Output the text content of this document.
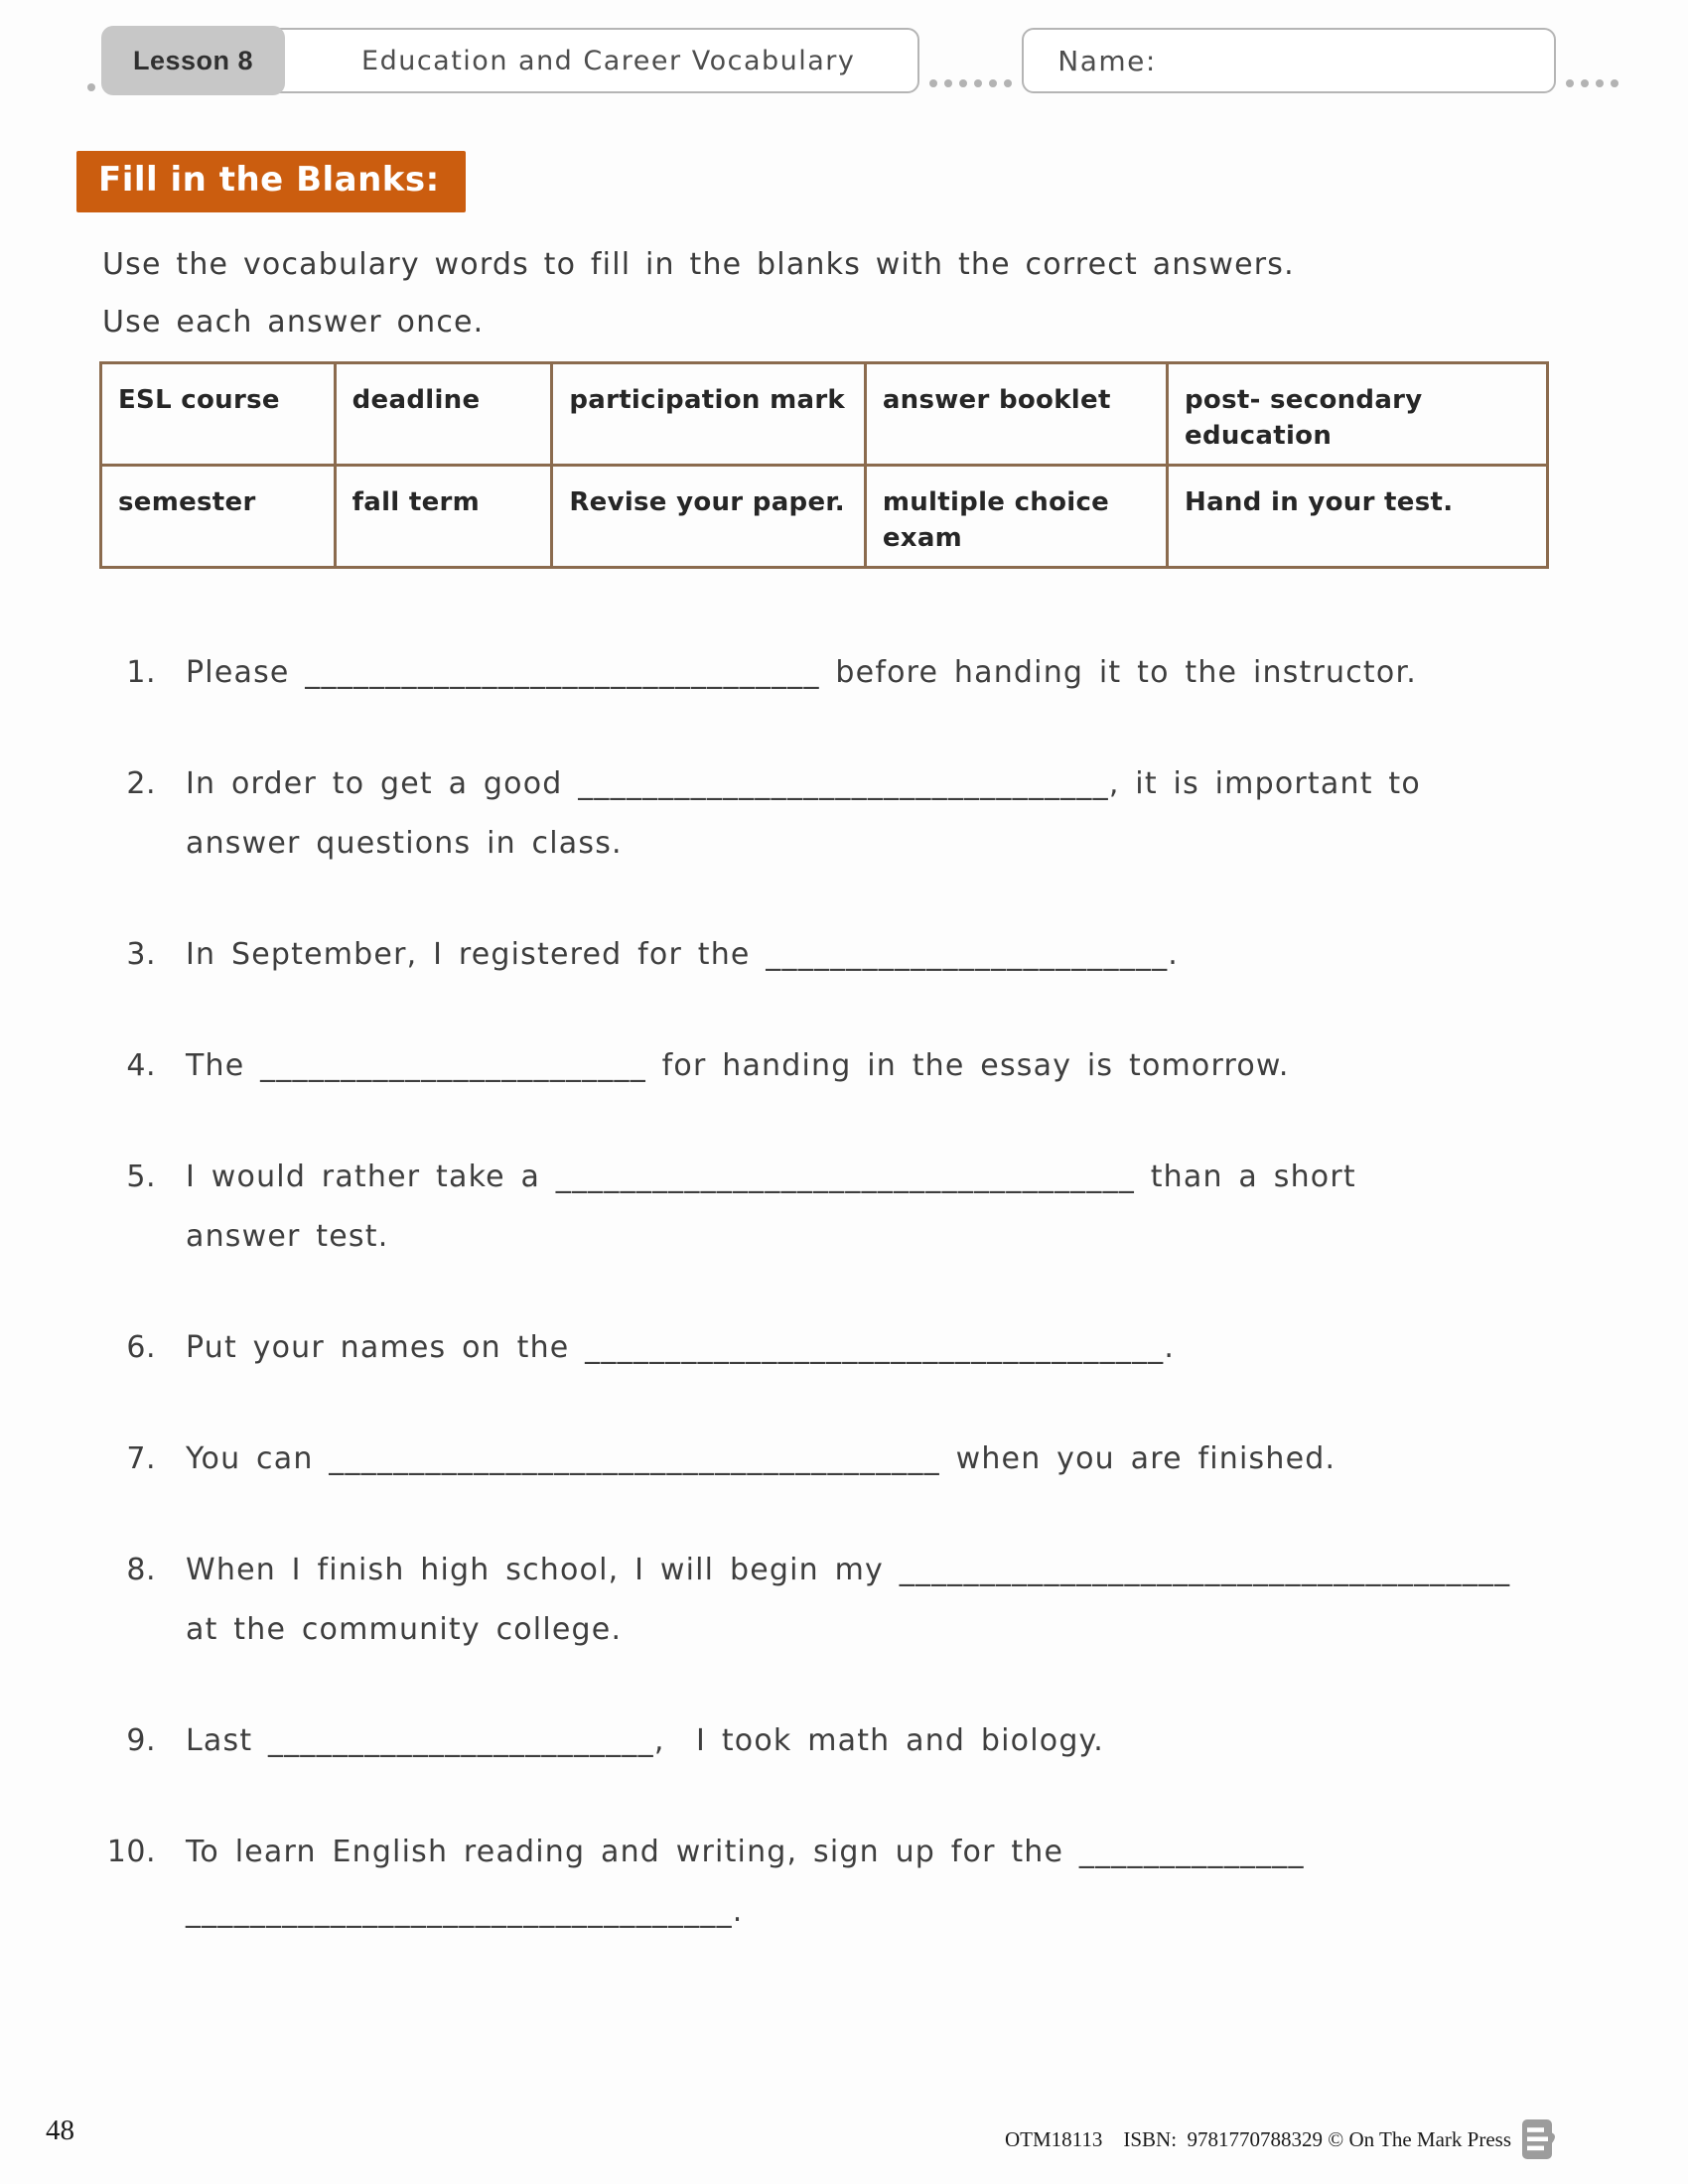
Lesson 8	Education and Career Vocabulary	Name:
Fill in the Blanks:
Use the vocabulary words to fill in the blanks with the correct answers.
Use each answer once.
ESL course	deadline	participation mark	answer booklet	post- secondary education
semester	fall term	Revise your paper.	multiple choice exam	Hand in your test.
1. Please ________________________________ before handing it to the instructor.
2. In order to get a good _________________________________, it is important to
answer questions in class.
3. In September, I registered for the _________________________.
4. The ________________________ for handing in the essay is tomorrow.
5. I would rather take a ____________________________________ than a short
answer test.
6. Put your names on the ____________________________________.
7. You can ______________________________________ when you are finished.
8. When I finish high school, I will begin my ______________________________________
at the community college.
9. Last ________________________,  I took math and biology.
10. To learn English reading and writing, sign up for the ______________
__________________________________.
48	OTM18113    ISBN:  9781770788329 © On The Mark Press
